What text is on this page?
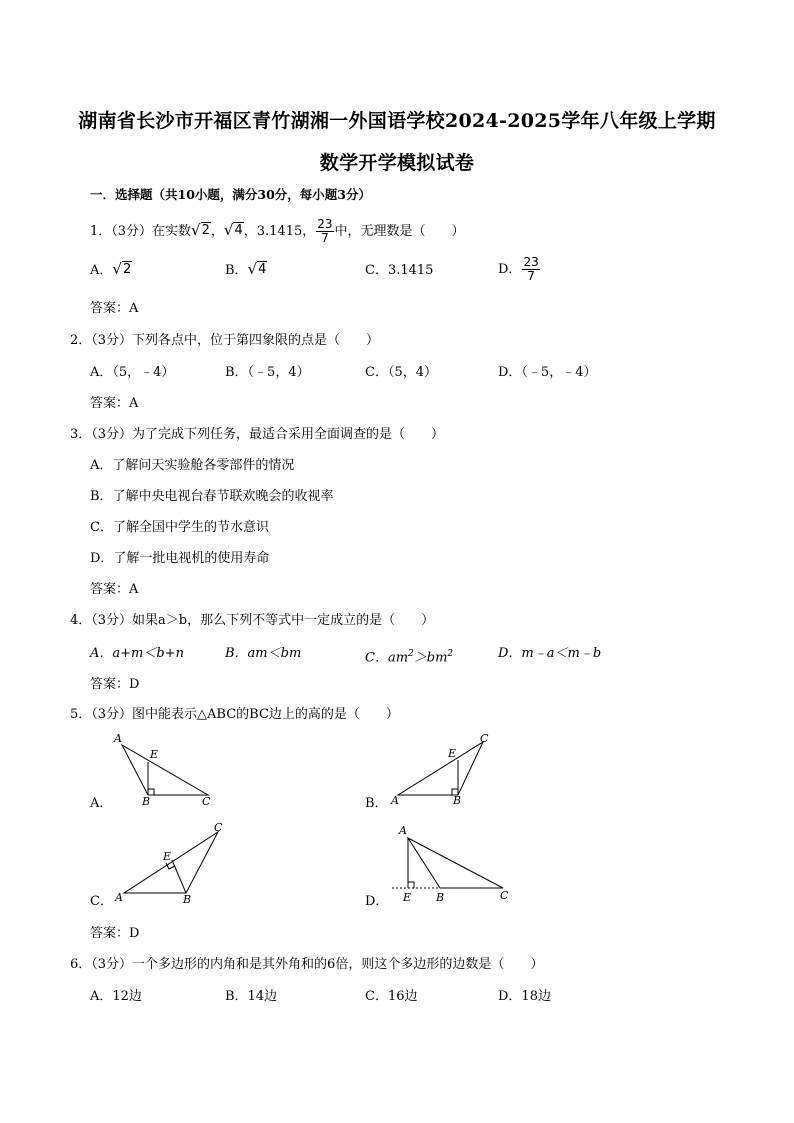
湖南省长沙市开福区青竹湖湘一外国语学校2024-2025学年八年级上学期
数学开学模拟试卷
一．选择题（共10小题，满分30分，每小题3分）
1．（3分）在实数 √ 2 ， √ 4 ，3.1415， $\frac{23}{7}$ 中，无理数是（　　）
A． √ 2	B． √ 4	C．3.1415	D． $\frac{23}{7}$
答案：A
2．（3分）下列各点中，位于第四象限的点是（　　）
A．（5，﹣4）	B．（﹣5，4）	C．（5，4）	D．（﹣5，﹣4）
答案：A
3．（3分）为了完成下列任务，最适合采用全面调查的是（　　）
A．了解问天实验舱各零部件的情况
B．了解中央电视台春节联欢晚会的收视率
C．了解全国中学生的节水意识
D．了解一批电视机的使用寿命
答案：A
4．（3分）如果a＞b，那么下列不等式中一定成立的是（　　）
A．a+m＜b+n	B．am＜bm	C．$am^2>bm^2$	D．m﹣a＜m﹣b
答案：D
5．（3分）图中能表示△ABC的BC边上的高的是（　　）
A．	B．
C．	D．
A
E
B	C
E
C
A	B
C
E
A	B
A
E B	C
答案：D
6．（3分）一个多边形的内角和是其外角和的6倍，则这个多边形的边数是（　　）
A．12边	B．14边	C．16边	D．18边
